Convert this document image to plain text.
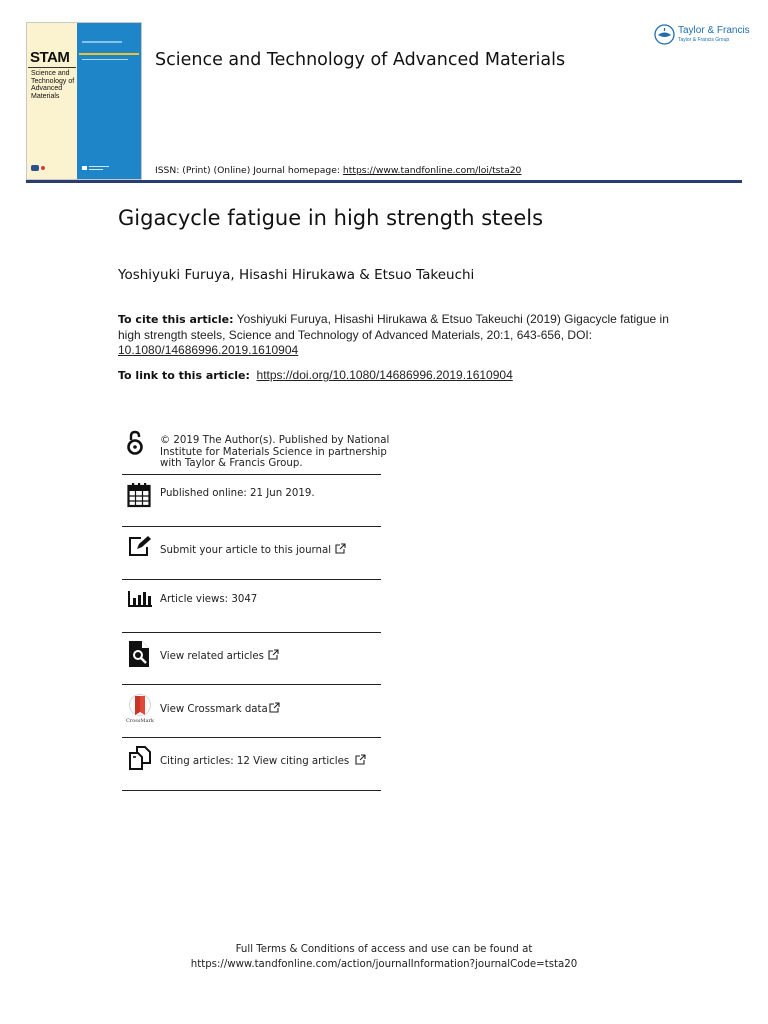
STAM
Science and
Technology of
Advanced
Materials
Science and Technology of Advanced Materials
ISSN: (Print) (Online) Journal homepage: https://www.tandfonline.com/loi/tsta20
Taylor & Francis
Taylor & Francis Group
Gigacycle fatigue in high strength steels
Yoshiyuki Furuya, Hisashi Hirukawa & Etsuo Takeuchi
To cite this article: Yoshiyuki Furuya, Hisashi Hirukawa & Etsuo Takeuchi (2019) Gigacycle fatigue in high strength steels, Science and Technology of Advanced Materials, 20:1, 643-656, DOI: 10.1080/14686996.2019.1610904
To link to this article: https://doi.org/10.1080/14686996.2019.1610904
© 2019 The Author(s). Published by National
Institute for Materials Science in partnership
with Taylor & Francis Group.
Published online: 21 Jun 2019.
Submit your article to this journal
Article views: 3047
View related articles
CrossMark
View Crossmark data
Citing articles: 12 View citing articles
Full Terms & Conditions of access and use can be found at
https://www.tandfonline.com/action/journalInformation?journalCode=tsta20
